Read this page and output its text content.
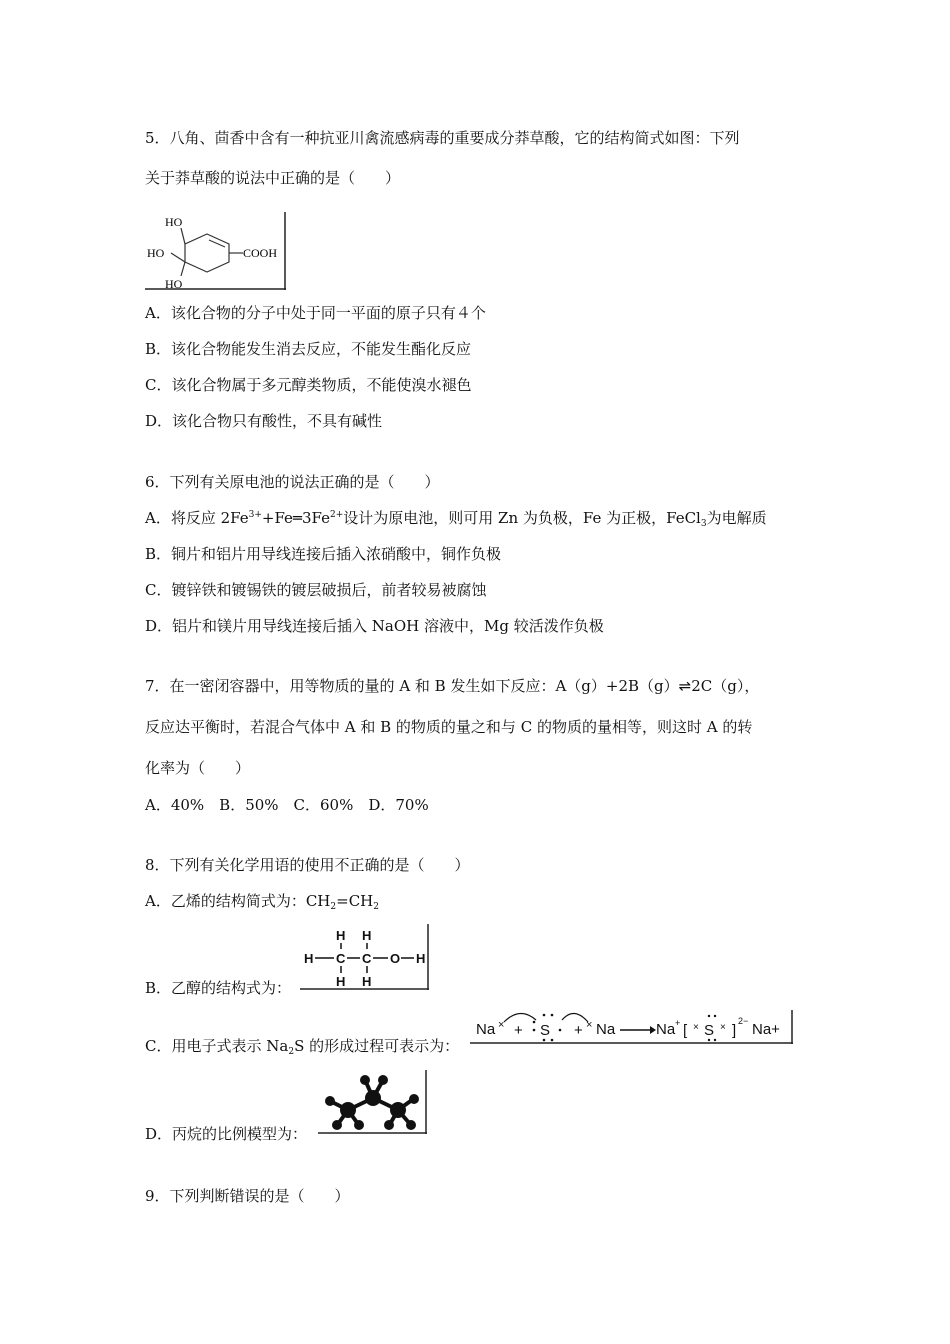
5．八角、茴香中含有一种抗亚川禽流感病毒的重要成分莽草酸，它的结构简式如图：下列
关于莽草酸的说法中正确的是（　　）
HO
HO
HO
COOH
A．该化合物的分子中处于同一平面的原子只有４个
B．该化合物能发生消去反应，不能发生酯化反应
C．该化合物属于多元醇类物质，不能使溴水褪色
D．该化合物只有酸性，不具有碱性
6．下列有关原电池的说法正确的是（　　）
A．将反应 $2Fe^{3+}+Fe═3Fe^{2+}$设计为原电池，则可用 Zn 为负极，Fe 为正极，FeCl$_3$为电解质
B．铜片和铝片用导线连接后插入浓硝酸中，铜作负极
C．镀锌铁和镀锡铁的镀层破损后，前者较易被腐蚀
D．铝片和镁片用导线连接后插入 NaOH 溶液中，Mg 较活泼作负极
7．在一密闭容器中，用等物质的量的 A 和 B 发生如下反应：A（g）+2B（g）⇌2C（g），
反应达平衡时，若混合气体中 A 和 B 的物质的量之和与 C 的物质的量相等，则这时 A 的转
化率为（　　）
A．40%　B．50%　C．60%　D．70%
8．下列有关化学用语的使用不正确的是（　　）
A．乙烯的结构简式为：$CH_2=CH_2$
B．乙醇的结构式为：
H H
H C C O H
H H
C．用电子式表示 $Na_2S$ 的形成过程可表示为：
Na × + S + × Na	Na + [ × S × ]
2− Na+
D．丙烷的比例模型为：
9．下列判断错误的是（　　）
